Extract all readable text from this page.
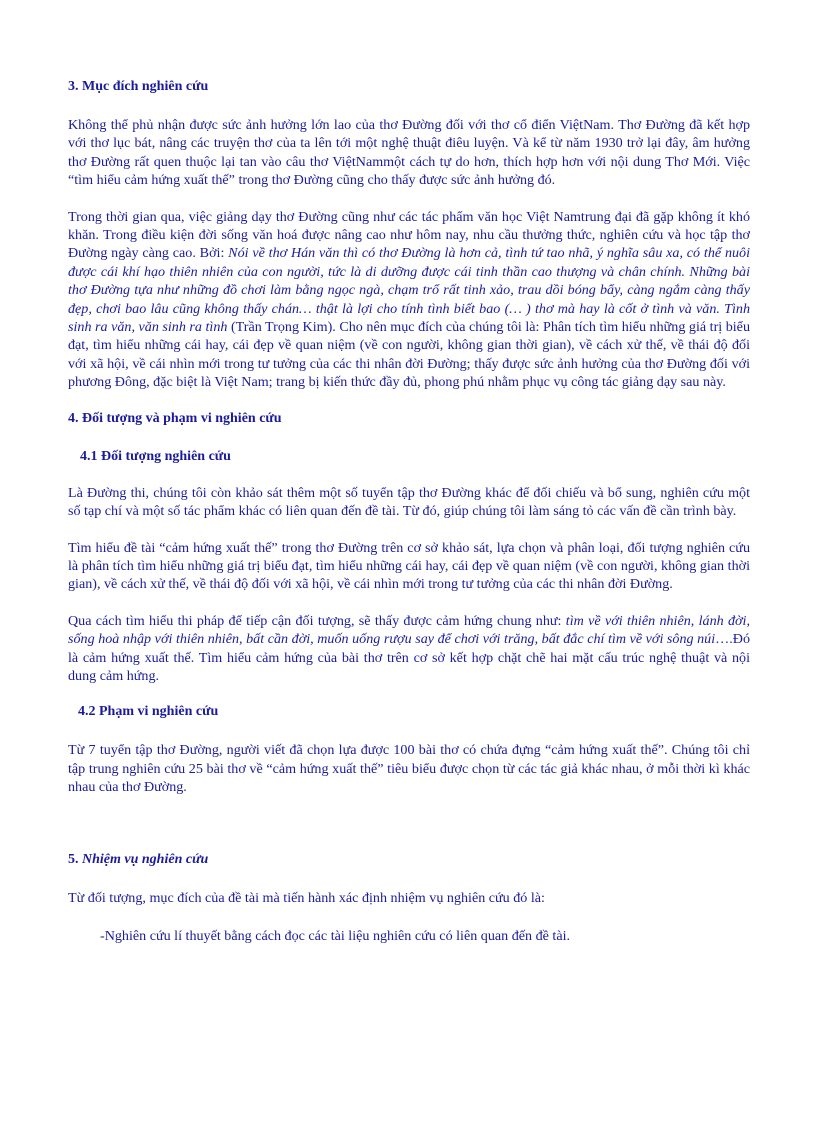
3. Mục đích nghiên cứu

Không thể phủ nhận được sức ảnh hưởng lớn lao của thơ Đường đối với thơ cổ điển ViệtNam. Thơ Đường đã kết hợp với thơ lục bát, nâng các truyện thơ của ta lên tới một nghệ thuật điêu luyện. Và kể từ năm 1930 trở lại đây, âm hưởng thơ Đường rất quen thuộc lại tan vào câu thơ ViệtNammột cách tự do hơn, thích hợp hơn với nội dung Thơ Mới. Việc “tìm hiểu cảm hứng xuất thế” trong thơ Đường cũng cho thấy được sức ảnh hưởng đó.

Trong thời gian qua, việc giảng dạy thơ Đường cũng như các tác phẩm văn học Việt Namtrung đại đã gặp không ít khó khăn. Trong điều kiện đời sống văn hoá được nâng cao như hôm nay, nhu cầu thưởng thức, nghiên cứu và học tập thơ Đường ngày càng cao. Bởi: Nói về thơ Hán văn thì có thơ Đường là hơn cả, tình tứ tao nhã, ý nghĩa sâu xa, có thể nuôi được cái khí hạo thiên nhiên của con người, tức là di dưỡng được cái tinh thần cao thượng và chân chính. Những bài thơ Đường tựa như những đồ chơi làm bằng ngọc ngà, chạm trổ rất tinh xảo, trau dồi bóng bẩy, càng ngắm càng thấy đẹp, chơi bao lâu cũng không thấy chán… thật là lợi cho tính tình biết bao (… ) thơ mà hay là cốt ở tình và văn. Tình sinh ra văn, văn sinh ra tình (Trần Trọng Kim). Cho nên mục đích của chúng tôi là: Phân tích tìm hiểu những giá trị biểu đạt, tìm hiểu những cái hay, cái đẹp về quan niệm (về con người, không gian thời gian), về cách xử thế, về thái độ đối với xã hội, về cái nhìn mới trong tư tưởng của các thi nhân đời Đường; thấy được sức ảnh hưởng của thơ Đường đối với phương Đông, đặc biệt là Việt Nam; trang bị kiến thức đầy đủ, phong phú nhằm phục vụ công tác giảng dạy sau này.

4. Đối tượng và phạm vi nghiên cứu

4.1 Đối tượng nghiên cứu

Là Đường thi, chúng tôi còn khảo sát thêm một số tuyển tập thơ Đường khác để đối chiếu và bổ sung, nghiên cứu một số tạp chí và một số tác phẩm khác có liên quan đến đề tài. Từ đó, giúp chúng tôi làm sáng tỏ các vấn đề cần trình bày.

Tìm hiểu đề tài “cảm hứng xuất thế” trong thơ Đường trên cơ sở khảo sát, lựa chọn và phân loại, đối tượng nghiên cứu là phân tích tìm hiểu những giá trị biểu đạt, tìm hiểu những cái hay, cái đẹp về quan niệm (về con người, không gian thời gian), về cách xử thế, về thái độ đối với xã hội, về cái nhìn mới trong tư tưởng của các thi nhân đời Đường.

Qua cách tìm hiểu thi pháp để tiếp cận đối tượng, sẽ thấy được cảm hứng chung như: tìm về với thiên nhiên, lánh đời, sống hoà nhập với thiên nhiên, bất cần đời, muốn uống rượu say để chơi với trăng, bất đắc chí tìm về với sông núi….Đó là cảm hứng xuất thế. Tìm hiểu cảm hứng của bài thơ trên cơ sở kết hợp chặt chẽ hai mặt cấu trúc nghệ thuật và nội dung cảm hứng.

4.2 Phạm vi nghiên cứu

Từ 7 tuyển tập thơ Đường, người viết đã chọn lựa được 100 bài thơ có chứa đựng “cảm hứng xuất thế”. Chúng tôi chỉ tập trung nghiên cứu 25 bài thơ về “cảm hứng xuất thế” tiêu biểu được chọn từ các tác giả khác nhau, ở mỗi thời kì khác nhau của thơ Đường.

5. Nhiệm vụ nghiên cứu

Từ đối tượng, mục đích của đề tài mà tiến hành xác định nhiệm vụ nghiên cứu đó là:

-Nghiên cứu lí thuyết bằng cách đọc các tài liệu nghiên cứu có liên quan đến đề tài.
